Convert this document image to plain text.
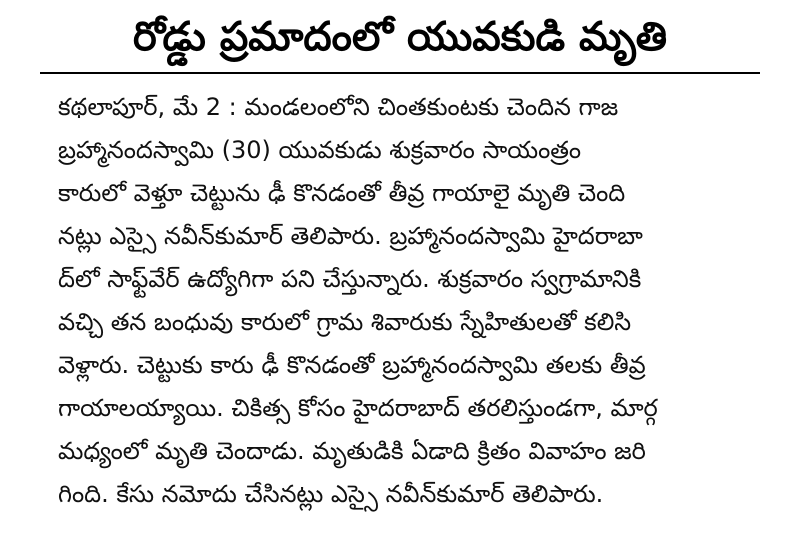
రోడ్డు ప్రమాదంలో యువకుడి మృతి
కథలాపూర్, మే 2 : మండలంలోని చింతకుంటకు చెందిన గాజ
బ్రహ్మానందస్వామి (30) యువకుడు శుక్రవారం సాయంత్రం
కారులో వెళ్తూ చెట్టును ఢీ కొనడంతో తీవ్ర గాయాలై మృతి చెంది
నట్లు ఎస్సై నవీన్‌కుమార్ తెలిపారు. బ్రహ్మానందస్వామి హైదరాబా
ద్‌లో సాఫ్ట్‌వేర్ ఉద్యోగిగా పని చేస్తున్నారు. శుక్రవారం స్వగ్రామానికి
వచ్చి తన బంధువు కారులో గ్రామ శివారుకు స్నేహితులతో కలిసి
వెళ్లారు. చెట్టుకు కారు ఢీ కొనడంతో బ్రహ్మానందస్వామి తలకు తీవ్ర
గాయాలయ్యాయి. చికిత్స కోసం హైదరాబాద్ తరలిస్తుండగా, మార్గ
మధ్యంలో మృతి చెందాడు. మృతుడికి ఏడాది క్రితం వివాహం జరి
గింది. కేసు నమోదు చేసినట్లు ఎస్సై నవీన్‌కుమార్ తెలిపారు.
